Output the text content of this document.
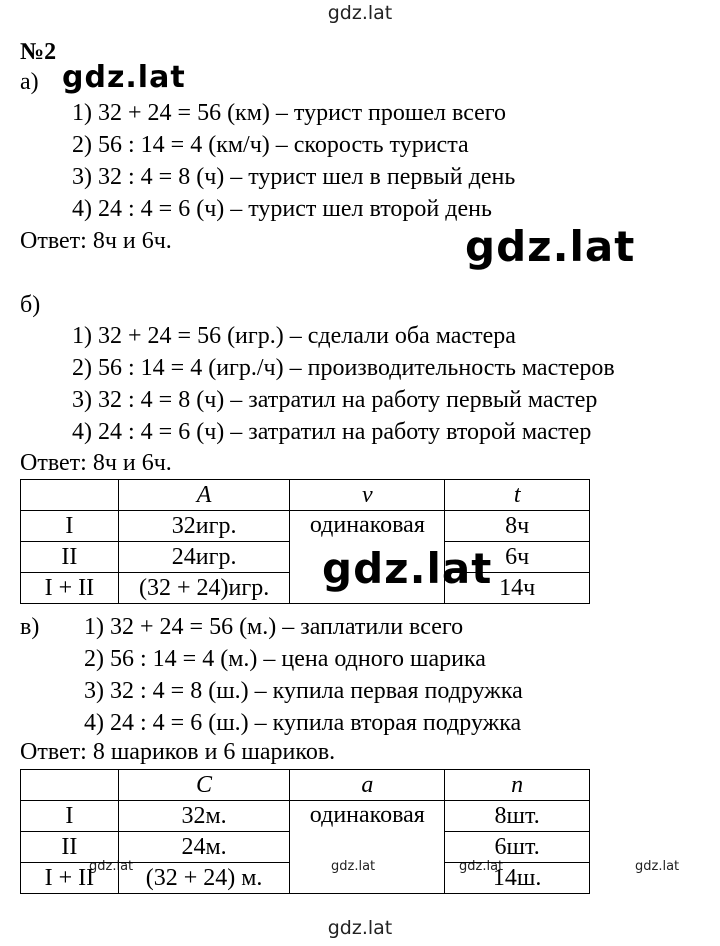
gdz.lat
gdz.lat
gdz.lat
gdz.lat
gdz.lat	gdz.lat	gdz.lat	gdz.lat
gdz.lat
№2
а)
1) 32 + 24 = 56 (км) – турист прошел всего
2) 56 : 14 = 4 (км/ч) – скорость туриста
3) 32 : 4 = 8 (ч) – турист шел в первый день
4) 24 : 4 = 6 (ч) – турист шел второй день
Ответ: 8ч и 6ч.
б)
1) 32 + 24 = 56 (игр.) – сделали оба мастера
2) 56 : 14 = 4 (игр./ч) – производительность мастеров
3) 32 : 4 = 8 (ч) – затратил на работу первый мастер
4) 24 : 4 = 6 (ч) – затратил на работу второй мастер
Ответ: 8ч и 6ч.
	A	v	t
I	32игр.	одинаковая	8ч
II	24игр.		6ч
I + II	(32 + 24)игр.		14ч
в) 1) 32 + 24 = 56 (м.) – заплатили всего
2) 56 : 14 = 4 (м.) – цена одного шарика
3) 32 : 4 = 8 (ш.) – купила первая подружка
4) 24 : 4 = 6 (ш.) – купила вторая подружка
Ответ: 8 шариков и 6 шариков.
	C	a	n
I	32м.	одинаковая	8шт.
II	24м.		6шт.
I + II	(32 + 24) м.		14ш.
